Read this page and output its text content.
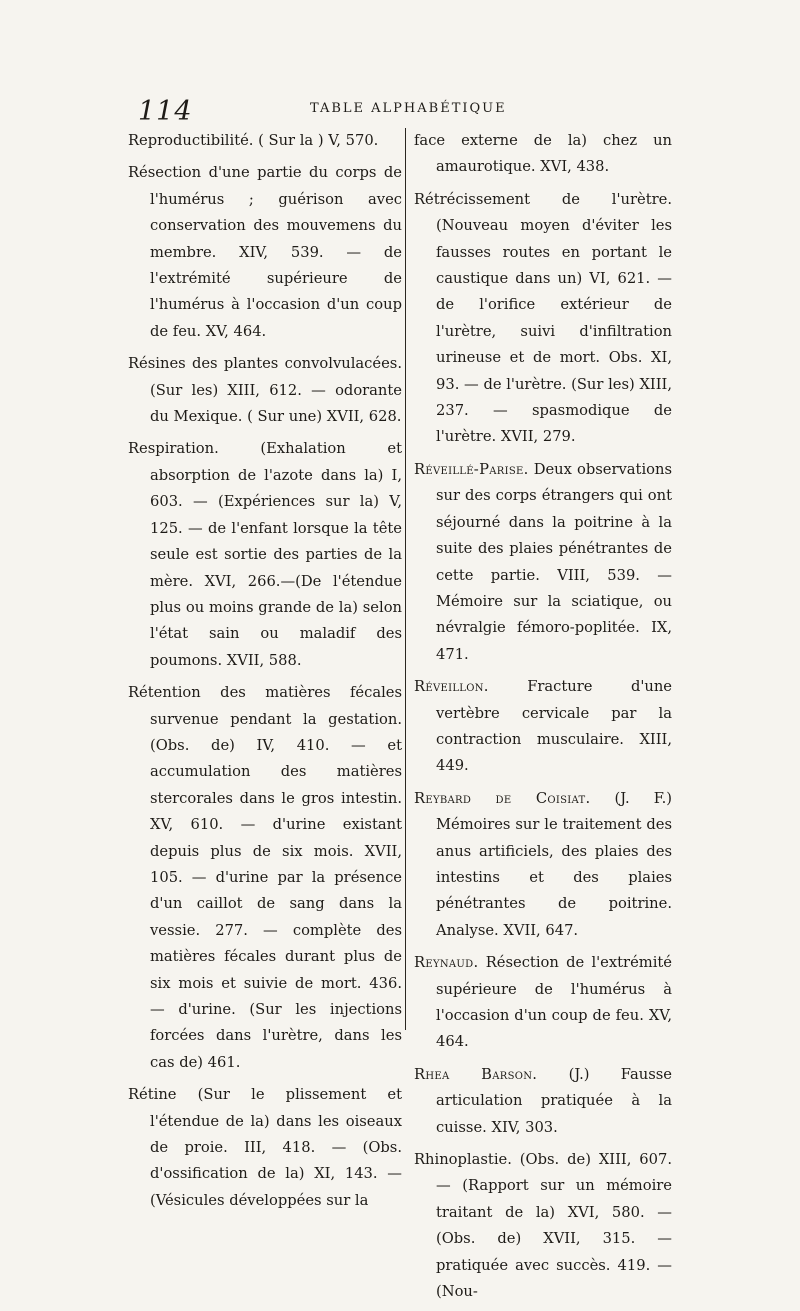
114	TABLE ALPHABÉTIQUE

Reproductibilité. ( Sur la ) V, 570.

Résection d'une partie du corps de l'humérus ; guérison avec conservation des mouvemens du membre. XIV, 539. — de l'extrémité supérieure de l'humérus à l'occasion d'un coup de feu. XV, 464.

Résines des plantes convolvulacées. (Sur les) XIII, 612. — odorante du Mexique. ( Sur une) XVII, 628.

Respiration. (Exhalation et absorption de l'azote dans la) I, 603. — (Expériences sur la) V, 125. — de l'enfant lorsque la tête seule est sortie des parties de la mère. XVI, 266.—(De l'étendue plus ou moins grande de la) selon l'état sain ou maladif des poumons. XVII, 588.

Rétention des matières fécales survenue pendant la gestation. (Obs. de) IV, 410. — et accumulation des matières stercorales dans le gros intestin. XV, 610. — d'urine existant depuis plus de six mois. XVII, 105. — d'urine par la présence d'un caillot de sang dans la vessie. 277. — complète des matières fécales durant plus de six mois et suivie de mort. 436. — d'urine. (Sur les injections forcées dans l'urètre, dans les cas de) 461.

Rétine (Sur le plissement et l'étendue de la) dans les oiseaux de proie. III, 418. — (Obs. d'ossification de la) XI, 143. — (Vésicules développées sur la

face externe de la) chez un amaurotique. XVI, 438.

Rétrécissement de l'urètre. (Nouveau moyen d'éviter les fausses routes en portant le caustique dans un) VI, 621. — de l'orifice extérieur de l'urètre, suivi d'infiltration urineuse et de mort. Obs. XI, 93. — de l'urètre. (Sur les) XIII, 237. — spasmodique de l'urètre. XVII, 279.

Réveillé-Parise. Deux observations sur des corps étrangers qui ont séjourné dans la poitrine à la suite des plaies pénétrantes de cette partie. VIII, 539. — Mémoire sur la sciatique, ou névralgie fémoro-poplitée. IX, 471.

Réveillon.	Fracture d'une vertèbre cervicale par la contraction musculaire. XIII, 449.

Reybard de Coisiat. (J. F.) Mémoires sur le traitement des anus artificiels, des plaies des intestins et des plaies pénétrantes de poitrine. Analyse. XVII, 647.

Reynaud. Résection de l'extrémité supérieure de l'humérus à l'occasion d'un coup de feu. XV, 464.

Rhea Barson. (J.) Fausse articulation pratiquée à la cuisse. XIV, 303.

Rhinoplastie. (Obs. de) XIII, 607. — (Rapport sur un mémoire traitant de la) XVI, 580. — (Obs. de) XVII, 315. — pratiquée avec succès. 419. — (Nou-
